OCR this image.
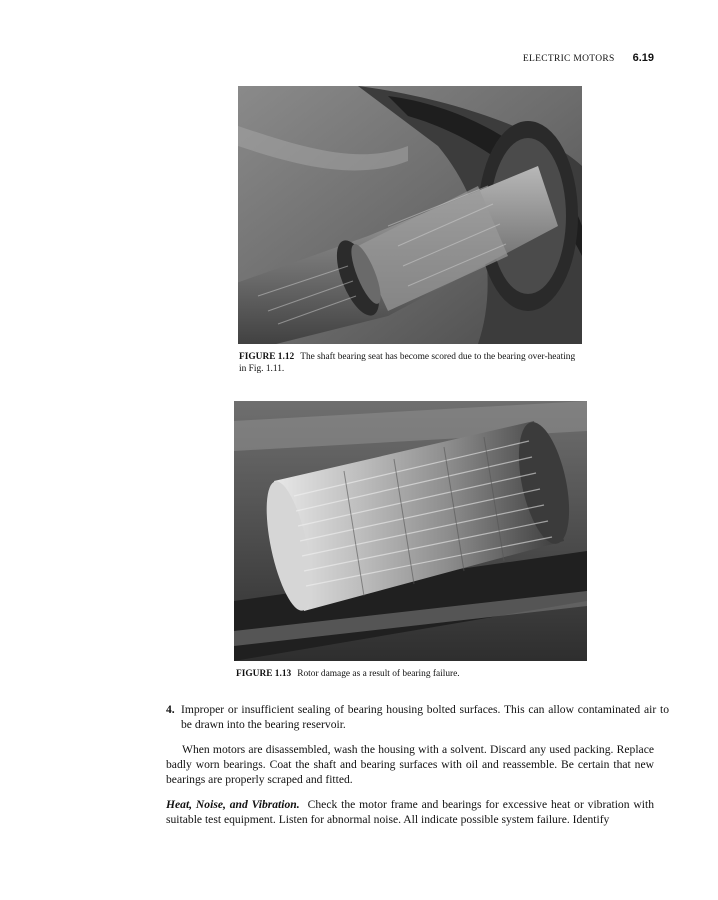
ELECTRIC MOTORS 6.19
FIGURE 1.12 The shaft bearing seat has become scored due to the bearing over-heating in Fig. 1.11.
FIGURE 1.13 Rotor damage as a result of bearing failure.
4. Improper or insufficient sealing of bearing housing bolted surfaces. This can allow contaminated air to be drawn into the bearing reservoir.
When motors are disassembled, wash the housing with a solvent. Discard any used packing. Replace badly worn bearings. Coat the shaft and bearing surfaces with oil and reassemble. Be certain that new bearings are properly scraped and fitted.
Heat, Noise, and Vibration. Check the motor frame and bearings for excessive heat or vibration with suitable test equipment. Listen for abnormal noise. All indicate possible system failure. Identify
